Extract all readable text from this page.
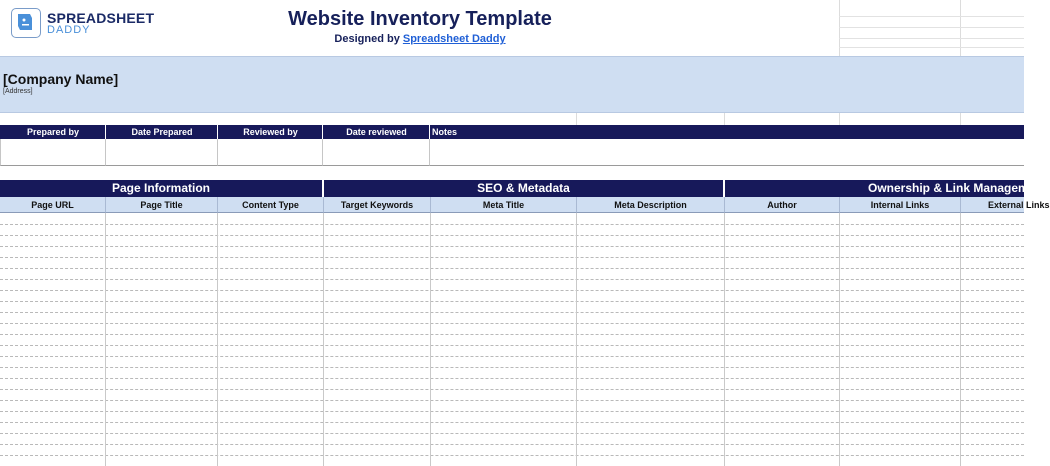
SPREADSHEET
DADDY	Website Inventory Template
Designed by Spreadsheet Daddy
[Company Name]
[Address]
Prepared by	Date Prepared	Reviewed by	Date reviewed	Notes
Page Information	SEO & Metadata	Ownership & Link Management
Page URL	Page Title	Content Type	Target Keywords	Meta Title	Meta Description	Author	Internal Links	External Links
